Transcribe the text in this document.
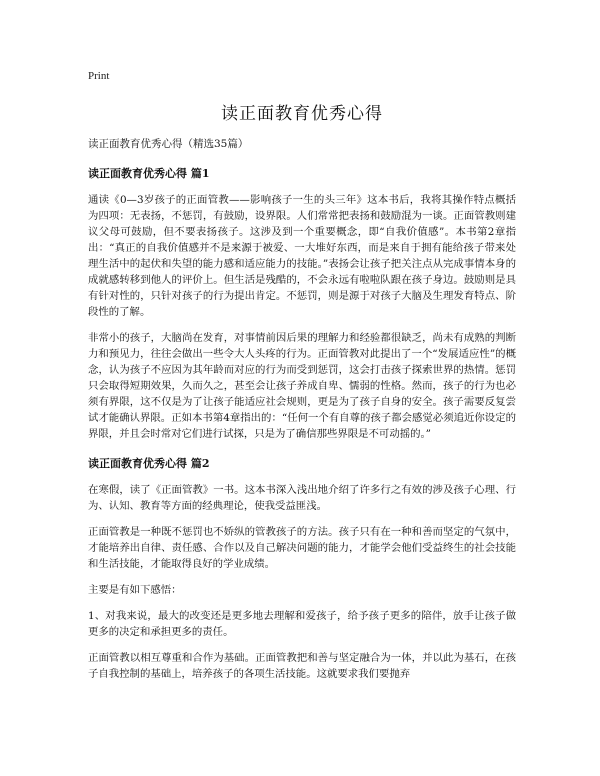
Print

读正面教育优秀心得

读正面教育优秀心得（精选35篇）

读正面教育优秀心得 篇1

通读《0—3岁孩子的正面管教——影响孩子一生的头三年》这本书后，我将其操作特点概括为四项：无表扬，不惩罚，有鼓励，设界限。人们常常把表扬和鼓励混为一谈。正面管教则建议父母可鼓励，但不要表扬孩子。这涉及到一个重要概念，即“自我价值感”。本书第2章指出：“真正的自我价值感并不是来源于被爱、一大堆好东西，而是来自于拥有能给孩子带来处理生活中的起伏和失望的能力感和适应能力的技能。”表扬会让孩子把关注点从完成事情本身的成就感转移到他人的评价上。但生活是残酷的，不会永远有啦啦队跟在孩子身边。鼓励则是具有针对性的，只针对孩子的行为提出肯定。不惩罚，则是源于对孩子大脑及生理发育特点、阶段性的了解。

非常小的孩子，大脑尚在发育，对事情前因后果的理解力和经验都很缺乏，尚未有成熟的判断力和预见力，往往会做出一些令大人头疼的行为。正面管教对此提出了一个“发展适应性”的概念，认为孩子不应因为其年龄而对应的行为而受到惩罚，这会打击孩子探索世界的热情。惩罚只会取得短期效果，久而久之，甚至会让孩子养成自卑、懦弱的性格。然而，孩子的行为也必须有界限，这不仅是为了让孩子能适应社会规则，更是为了孩子自身的安全。孩子需要反复尝试才能确认界限。正如本书第4章指出的：“任何一个有自尊的孩子都会感觉必须追近你设定的界限，并且会时常对它们进行试探，只是为了确信那些界限是不可动摇的。”

读正面教育优秀心得 篇2

在寒假，读了《正面管教》一书。这本书深入浅出地介绍了许多行之有效的涉及孩子心理、行为、认知、教育等方面的经典理论，使我受益匪浅。

正面管教是一种既不惩罚也不娇纵的管教孩子的方法。孩子只有在一种和善而坚定的气氛中，才能培养出自律、责任感、合作以及自己解决问题的能力，才能学会他们受益终生的社会技能和生活技能，才能取得良好的学业成绩。

主要是有如下感悟：

1、对我来说，最大的改变还是更多地去理解和爱孩子，给予孩子更多的陪伴，放手让孩子做更多的决定和承担更多的责任。

正面管教以相互尊重和合作为基础。正面管教把和善与坚定融合为一体，并以此为基石，在孩子自我控制的基础上，培养孩子的各项生活技能。这就要求我们要抛弃
